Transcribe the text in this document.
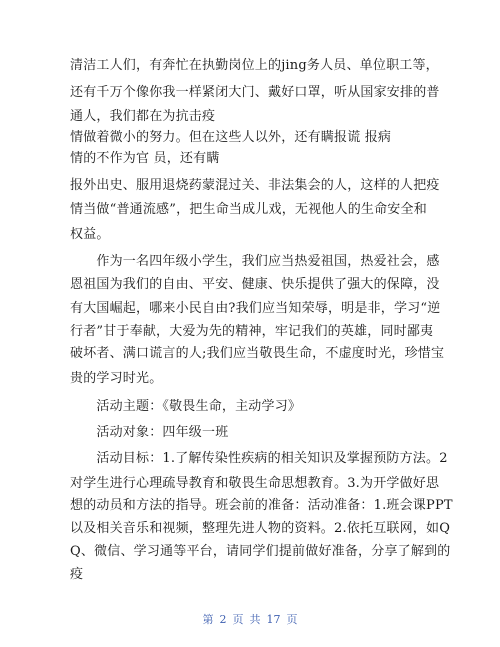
清洁工人们，有奔忙在执勤岗位上的jing务人员、单位职工等，
还有千万个像你我一样紧闭大门、戴好口罩，听从国家安排的普
通人，我们都在为抗击疫
情做着微小的努力。但在这些人以外，还有瞒报谎 报病
情的不作为官 员，还有瞒
报外出史、服用退烧药蒙混过关、非法集会的人，这样的人把疫
情当做“普通流感”，把生命当成儿戏，无视他人的生命安全和
权益。
　　作为一名四年级小学生，我们应当热爱祖国，热爱社会，感
恩祖国为我们的自由、平安、健康、快乐提供了强大的保障，没
有大国崛起，哪来小民自由?我们应当知荣辱，明是非，学习“逆
行者”甘于奉献，大爱为先的精神，牢记我们的英雄，同时鄙夷
破坏者、满口谎言的人;我们应当敬畏生命，不虚度时光，珍惜宝
贵的学习时光。
　　活动主题：《敬畏生命，主动学习》
　　活动对象：四年级一班
　　活动目标：1.了解传染性疾病的相关知识及掌握预防方法。2
对学生进行心理疏导教育和敬畏生命思想教育。3.为开学做好思
想的动员和方法的指导。班会前的准备：活动准备：1.班会课PPT
以及相关音乐和视频，整理先进人物的资料。2.依托互联网，如Q
Q、微信、学习通等平台，请同学们提前做好准备，分享了解到的
疫
第 2 页 共 17 页
